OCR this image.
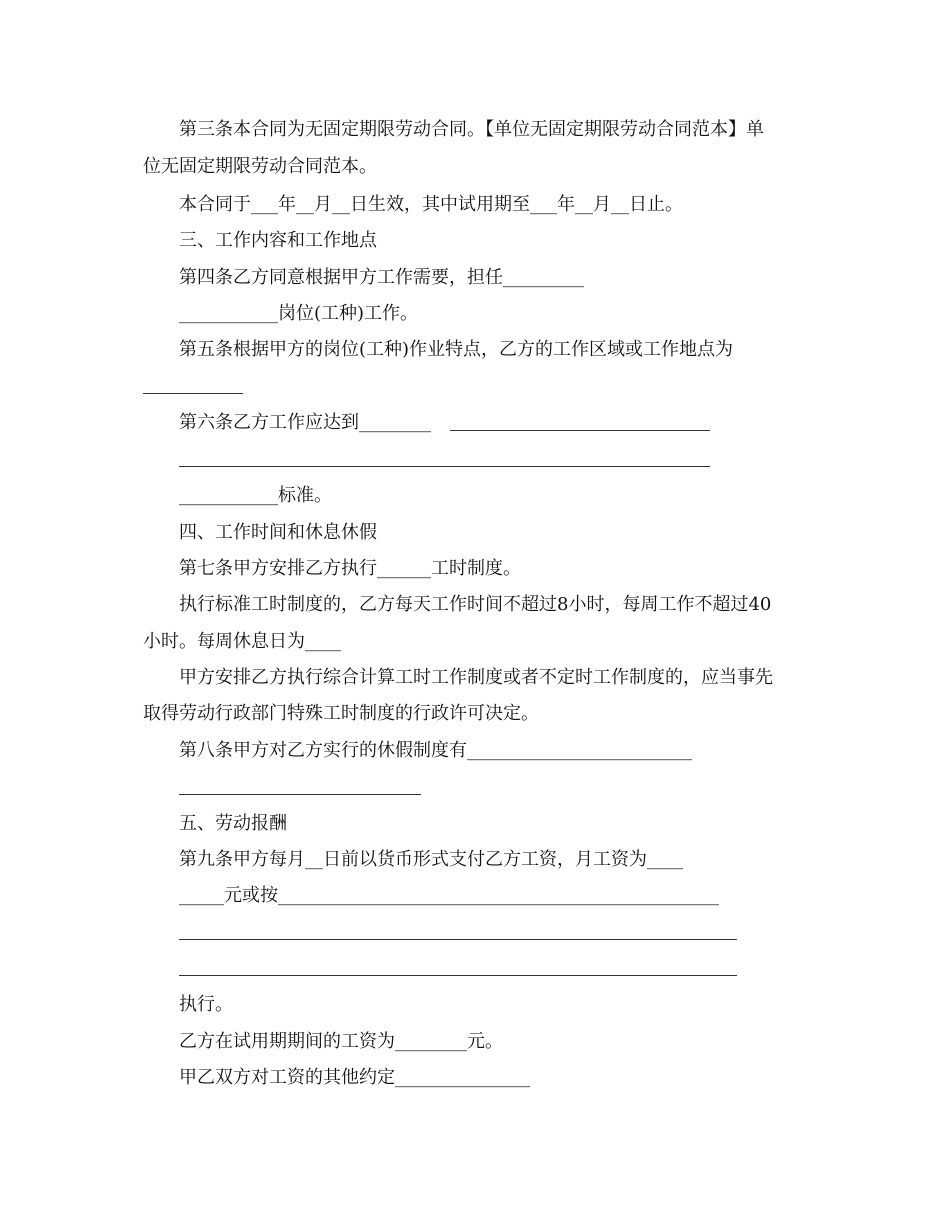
第三条本合同为无固定期限劳动合同。【单位无固定期限劳动合同范本】单
位无固定期限劳动合同范本。
本合同于___年__月__日生效，其中试用期至___年__月__日止。
三、工作内容和工作地点
第四条乙方同意根据甲方工作需要，担任_________
___________岗位(工种)工作。
第五条根据甲方的岗位(工种)作业特点，乙方的工作区域或工作地点为
第六条乙方工作应达到________
___________标准。
四、工作时间和休息休假
第七条甲方安排乙方执行______工时制度。
执行标准工时制度的，乙方每天工作时间不超过8小时，每周工作不超过40
小时。每周休息日为____
甲方安排乙方执行综合计算工时工作制度或者不定时工作制度的，应当事先
取得劳动行政部门特殊工时制度的行政许可决定。
第八条甲方对乙方实行的休假制度有_________________________
五、劳动报酬
第九条甲方每月__日前以货币形式支付乙方工资，月工资为____
_____元或按_________________________________________________
执行。
乙方在试用期期间的工资为________元。
甲乙双方对工资的其他约定_______________
